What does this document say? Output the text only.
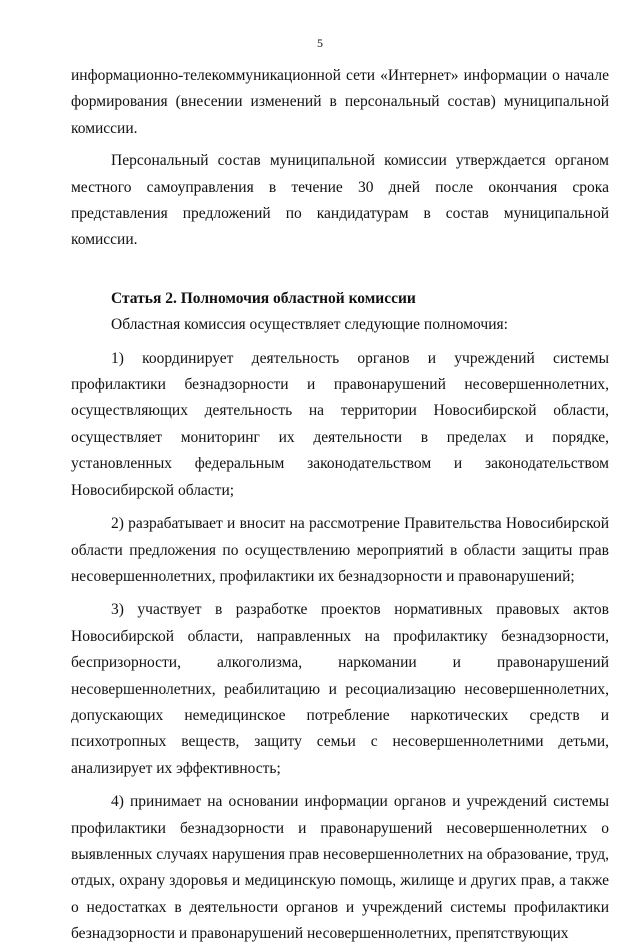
5

информационно-телекоммуникационной сети «Интернет» информации о начале формирования (внесении изменений в персональный состав) муниципальной комиссии.

Персональный состав муниципальной комиссии утверждается органом местного самоуправления в течение 30 дней после окончания срока представления предложений по кандидатурам в состав муниципальной комиссии.

Статья 2. Полномочия областной комиссии

Областная комиссия осуществляет следующие полномочия:

1) координирует деятельность органов и учреждений системы профилактики безнадзорности и правонарушений несовершеннолетних, осуществляющих деятельность на территории Новосибирской области, осуществляет мониторинг их деятельности в пределах и порядке, установленных федеральным законодательством и законодательством Новосибирской области;

2) разрабатывает и вносит на рассмотрение Правительства Новосибирской области предложения по осуществлению мероприятий в области защиты прав несовершеннолетних, профилактики их безнадзорности и правонарушений;

3) участвует в разработке проектов нормативных правовых актов Новосибирской области, направленных на профилактику безнадзорности, беспризорности, алкоголизма, наркомании и правонарушений несовершеннолетних, реабилитацию и ресоциализацию несовершеннолетних, допускающих немедицинское потребление наркотических средств и психотропных веществ, защиту семьи с несовершеннолетними детьми, анализирует их эффективность;

4) принимает на основании информации органов и учреждений системы профилактики безнадзорности и правонарушений несовершеннолетних о выявленных случаях нарушения прав несовершеннолетних на образование, труд, отдых, охрану здоровья и медицинскую помощь, жилище и других прав, а также о недостатках в деятельности органов и учреждений системы профилактики безнадзорности и правонарушений несовершеннолетних, препятствующих
